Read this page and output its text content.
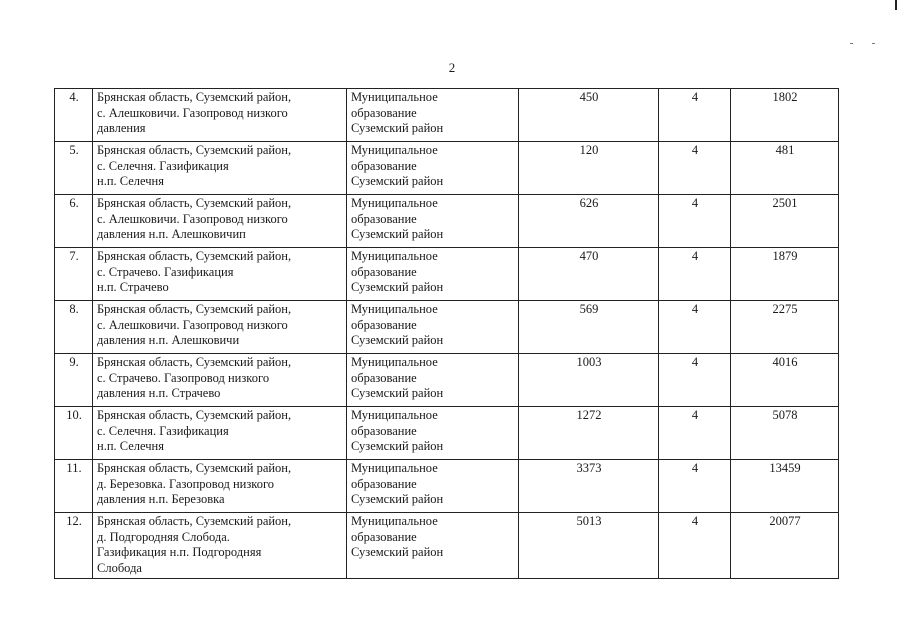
2
4.	Брянская область, Суземский район,
с. Алешковичи. Газопровод низкого
давления	Муниципальное
образование
Суземский район	450	4	1802
5.	Брянская область, Суземский район,
с. Селечня. Газификация
н.п. Селечня	Муниципальное
образование
Суземский район	120	4	481
6.	Брянская область, Суземский район,
с. Алешковичи. Газопровод низкого
давления н.п. Алешковичип	Муниципальное
образование
Суземский район	626	4	2501
7.	Брянская область, Суземский район,
с. Страчево. Газификация
н.п. Страчево	Муниципальное
образование
Суземский район	470	4	1879
8.	Брянская область, Суземский район,
с. Алешковичи. Газопровод низкого
давления н.п. Алешковичи	Муниципальное
образование
Суземский район	569	4	2275
9.	Брянская область, Суземский район,
с. Страчево. Газопровод низкого
давления н.п. Страчево	Муниципальное
образование
Суземский район	1003	4	4016
10.	Брянская область, Суземский район,
с. Селечня. Газификация
н.п. Селечня	Муниципальное
образование
Суземский район	1272	4	5078
11.	Брянская область, Суземский район,
д. Березовка. Газопровод низкого
давления н.п. Березовка	Муниципальное
образование
Суземский район	3373	4	13459
12.	Брянская область, Суземский район,
д. Подгородняя Слобода.
Газификация н.п. Подгородняя
Слобода	Муниципальное
образование
Суземский район	5013	4	20077
